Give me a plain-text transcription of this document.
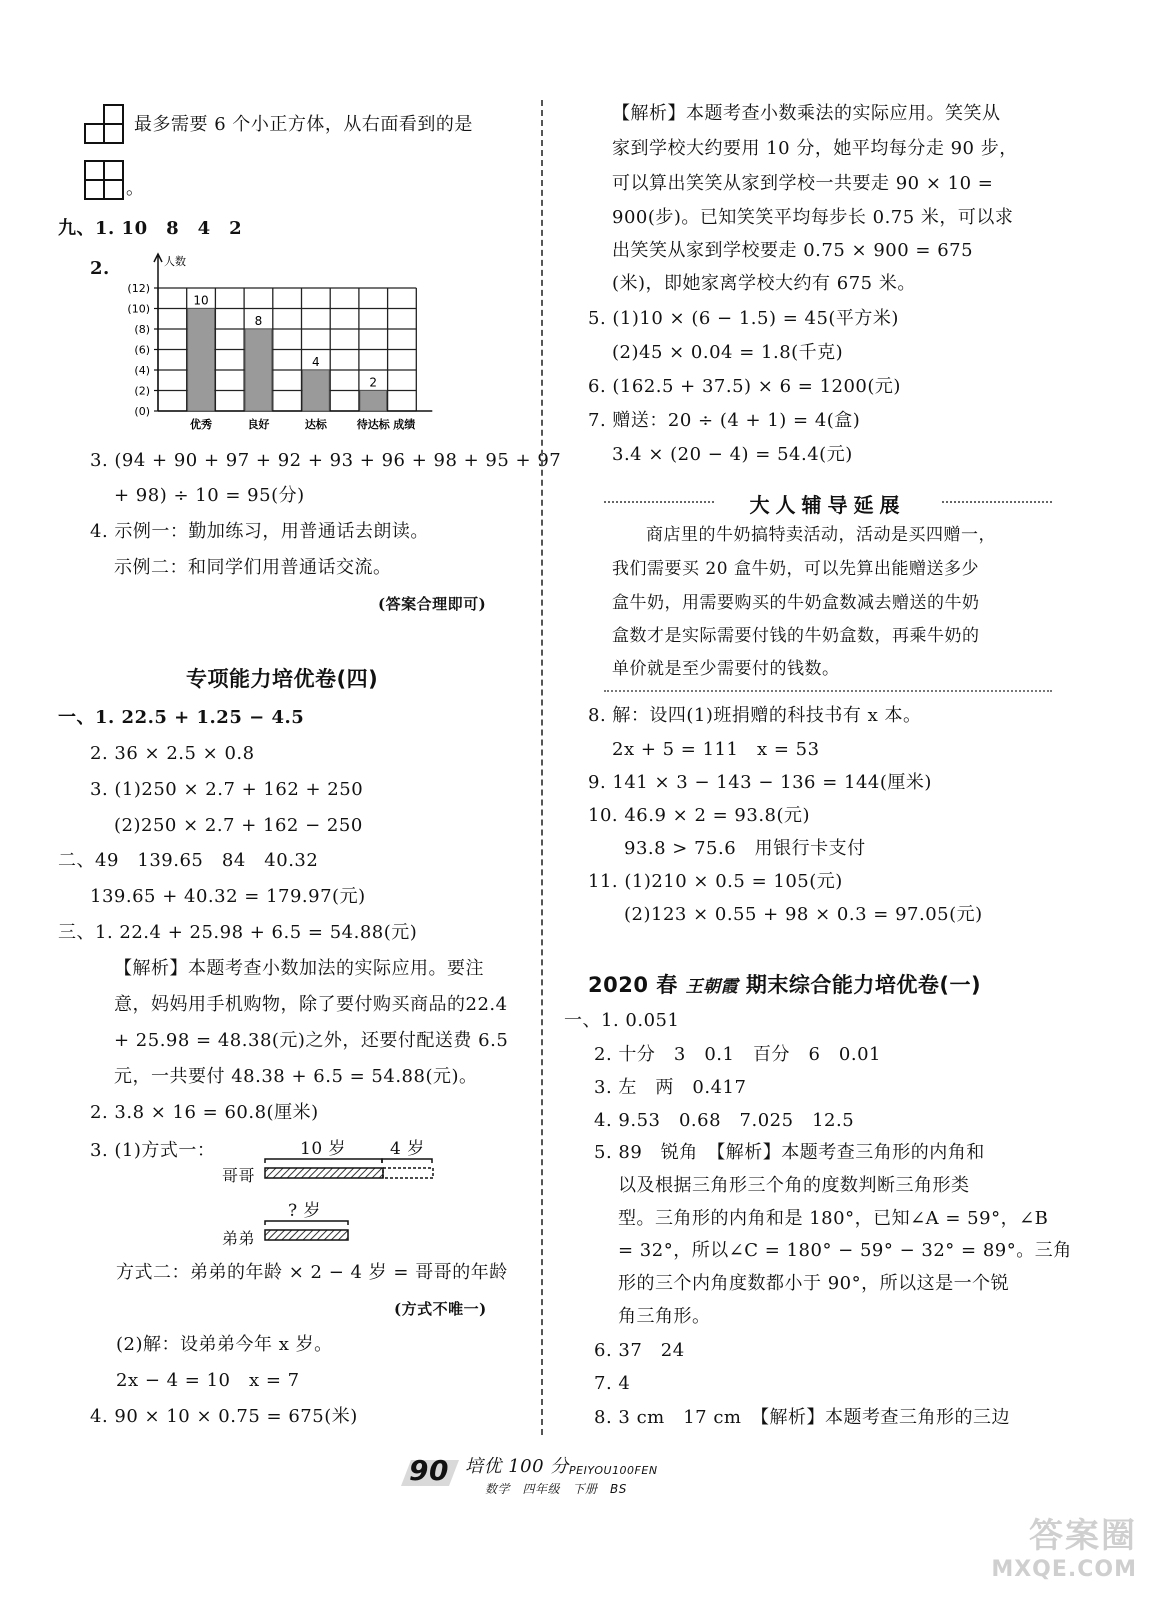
最多需要 6 个小正方体，从右面看到的是
。
九、1. 10　8　4　2
2.	人数
(12)
(10)
(8)
(6)
(4)
(2)
(0)
10
优秀
8
良好
4
达标
2
待达标 成绩
3. (94 + 90 + 97 + 92 + 93 + 96 + 98 + 95 + 97
+ 98) ÷ 10 = 95(分)
4. 示例一：勤加练习，用普通话去朗读。
示例二：和同学们用普通话交流。
(答案合理即可)
专项能力培优卷(四)
一、1. 22.5 + 1.25 − 4.5
2. 36 × 2.5 × 0.8
3. (1)250 × 2.7 + 162 + 250
(2)250 × 2.7 + 162 − 250
二、49　139.65　84　40.32
139.65 + 40.32 = 179.97(元)
三、1. 22.4 + 25.98 + 6.5 = 54.88(元)
【解析】本题考查小数加法的实际应用。要注
意，妈妈用手机购物，除了要付购买商品的22.4
+ 25.98 = 48.38(元)之外，还要付配送费 6.5
元，一共要付 48.38 + 6.5 = 54.88(元)。
2. 3.8 × 16 = 60.8(厘米)
3. (1)方式一：	10 岁	4 岁
哥哥
? 岁
弟弟
方式二：弟弟的年龄 × 2 − 4 岁 = 哥哥的年龄
(方式不唯一)
(2)解：设弟弟今年 x 岁。
2x − 4 = 10　x = 7
4. 90 × 10 × 0.75 = 675(米)
【解析】本题考查小数乘法的实际应用。笑笑从
家到学校大约要用 10 分，她平均每分走 90 步，
可以算出笑笑从家到学校一共要走 90 × 10 =
900(步)。已知笑笑平均每步长 0.75 米，可以求
出笑笑从家到学校要走 0.75 × 900 = 675
(米)，即她家离学校大约有 675 米。
5. (1)10 × (6 − 1.5) = 45(平方米)
(2)45 × 0.04 = 1.8(千克)
6. (162.5 + 37.5) × 6 = 1200(元)
7. 赠送：20 ÷ (4 + 1) = 4(盒)
3.4 × (20 − 4) = 54.4(元)
大人辅导延展
商店里的牛奶搞特卖活动，活动是买四赠一，
我们需要买 20 盒牛奶，可以先算出能赠送多少
盒牛奶，用需要购买的牛奶盒数减去赠送的牛奶
盒数才是实际需要付钱的牛奶盒数，再乘牛奶的
单价就是至少需要付的钱数。
8. 解：设四(1)班捐赠的科技书有 x 本。
2x + 5 = 111　x = 53
9. 141 × 3 − 143 − 136 = 144(厘米)
10. 46.9 × 2 = 93.8(元)
93.8 > 75.6　用银行卡支付
11. (1)210 × 0.5 = 105(元)
(2)123 × 0.55 + 98 × 0.3 = 97.05(元)
2020 春 王朝霞 期末综合能力培优卷(一)
一、1. 0.051
2. 十分　3　0.1　百分　6　0.01
3. 左　两　0.417
4. 9.53　0.68　7.025　12.5
5. 89　锐角　【解析】本题考查三角形的内角和
以及根据三角形三个角的度数判断三角形类
型。三角形的内角和是 180°，已知∠A = 59°，∠B
= 32°，所以∠C = 180° − 59° − 32° = 89°。三角
形的三个内角度数都小于 90°，所以这是一个锐
角三角形。
6. 37　24
7. 4
8. 3 cm　17 cm　【解析】本题考查三角形的三边
90 培优 100 分 PEIYOU100FEN
数学　四年级　下册　BS
答案圈
MXQE.COM
